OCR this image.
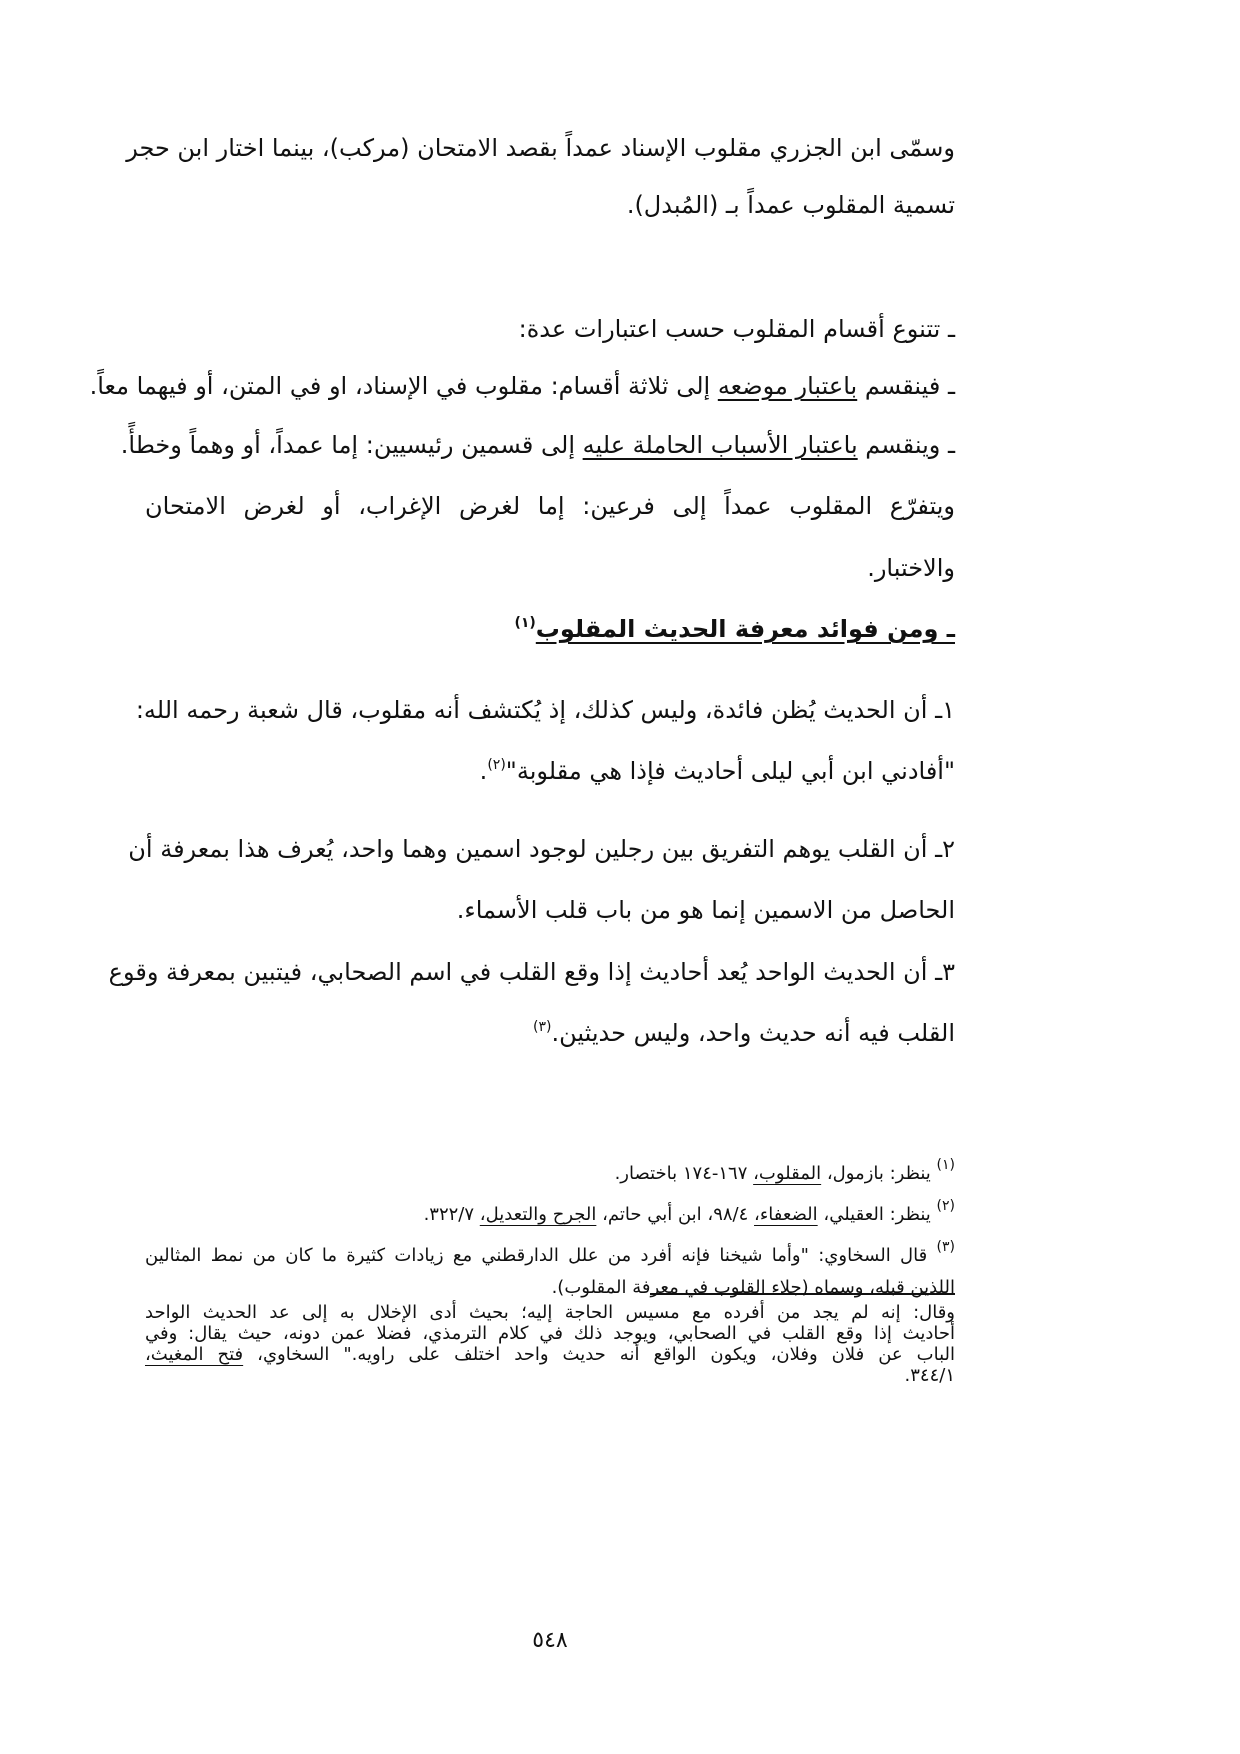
وسمّى ابن الجزري مقلوب الإسناد عمداً بقصد الامتحان (مركب)، بينما اختار ابن حجر
تسمية المقلوب عمداً بـ (المُبدل).
ـ تتنوع أقسام المقلوب حسب اعتبارات عدة:
ـ فينقسم باعتبار موضعه إلى ثلاثة أقسام: مقلوب في الإسناد، او في المتن، أو فيهما معاً.
ـ وينقسم باعتبار الأسباب الحاملة عليه إلى قسمين رئيسيين: إما عمداً، أو وهماً وخطأً.
ويتفرّع المقلوب عمداً إلى فرعين: إما لغرض الإغراب، أو لغرض الامتحان
والاختبار.
ـ ومن فوائد معرفة الحديث المقلوب$^{(١)}$
١ـ أن الحديث يُظن فائدة، وليس كذلك، إذ يُكتشف أنه مقلوب، قال شعبة رحمه الله:
"أفادني ابن أبي ليلى أحاديث فإذا هي مقلوبة"$^{(٢)}$.
٢ـ أن القلب يوهم التفريق بين رجلين لوجود اسمين وهما واحد، يُعرف هذا بمعرفة أن
الحاصل من الاسمين إنما هو من باب قلب الأسماء.
٣ـ أن الحديث الواحد يُعد أحاديث إذا وقع القلب في اسم الصحابي، فيتبين بمعرفة وقوع
القلب فيه أنه حديث واحد، وليس حديثين.$^{(٣)}$
$^{(١)}$ ينظر: بازمول، المقلوب، ١٦٧-١٧٤ باختصار.
$^{(٢)}$ ينظر: العقيلي، الضعفاء، ٩٨/٤، ابن أبي حاتم، الجرح والتعديل، ٣٢٢/٧.
$^{(٣)}$ قال السخاوي: "وأما شيخنا فإنه أفرد من علل الدارقطني مع زيادات كثيرة ما كان من نمط المثالين
اللذين قبله، وسماه (جلاء القلوب في معرفة المقلوب).
وقال: إنه لم يجد من أفرده مع مسيس الحاجة إليه؛ بحيث أدى الإخلال به إلى عد الحديث الواحد
أحاديث إذا وقع القلب في الصحابي، ويوجد ذلك في كلام الترمذي، فضلا عمن دونه، حيث يقال: وفي
الباب عن فلان وفلان، ويكون الواقع أنه حديث واحد اختلف على راويه." السخاوي، فتح المغيث،
٣٤٤/١.
٥٤٨
